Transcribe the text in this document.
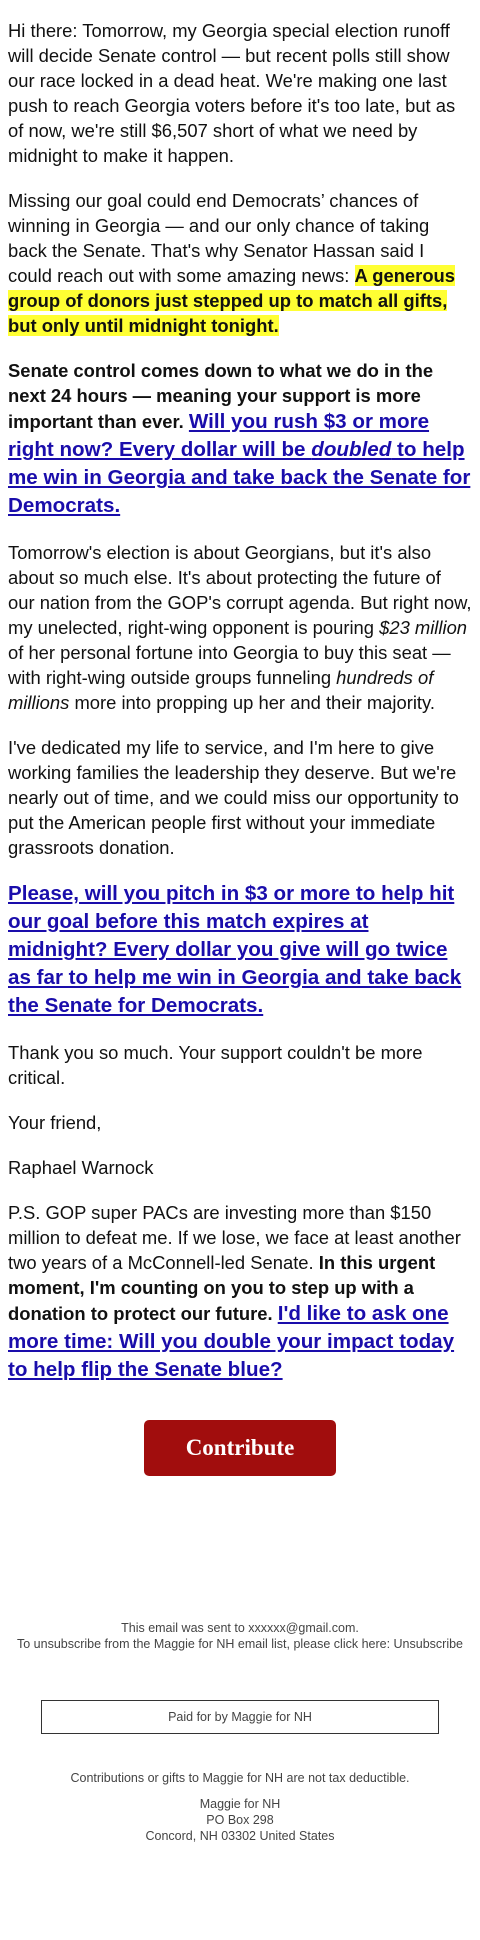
Hi there: Tomorrow, my Georgia special election runoff will decide Senate control — but recent polls still show our race locked in a dead heat. We're making one last push to reach Georgia voters before it's too late, but as of now, we're still $6,507 short of what we need by midnight to make it happen.

Missing our goal could end Democrats’ chances of winning in Georgia — and our only chance of taking back the Senate. That's why Senator Hassan said I could reach out with some amazing news: A generous group of donors just stepped up to match all gifts, but only until midnight tonight.

Senate control comes down to what we do in the next 24 hours — meaning your support is more important than ever. Will you rush $3 or more right now? Every dollar will be doubled to help me win in Georgia and take back the Senate for Democrats.

Tomorrow's election is about Georgians, but it's also about so much else. It's about protecting the future of our nation from the GOP's corrupt agenda. But right now, my unelected, right-wing opponent is pouring $23 million of her personal fortune into Georgia to buy this seat — with right-wing outside groups funneling hundreds of millions more into propping up her and their majority.

I've dedicated my life to service, and I'm here to give working families the leadership they deserve. But we're nearly out of time, and we could miss our opportunity to put the American people first without your immediate grassroots donation.

Please, will you pitch in $3 or more to help hit our goal before this match expires at midnight? Every dollar you give will go twice as far to help me win in Georgia and take back the Senate for Democrats.

Thank you so much. Your support couldn't be more critical.

Your friend,

Raphael Warnock

P.S. GOP super PACs are investing more than $150 million to defeat me. If we lose, we face at least another two years of a McConnell-led Senate. In this urgent moment, I'm counting on you to step up with a donation to protect our future. I'd like to ask one more time: Will you double your impact today to help flip the Senate blue?

Contribute
This email was sent to xxxxxx@gmail.com.
To unsubscribe from the Maggie for NH email list, please click here: Unsubscribe
Paid for by Maggie for NH
Contributions or gifts to Maggie for NH are not tax deductible.
Maggie for NH
PO Box 298
Concord, NH 03302 United States
